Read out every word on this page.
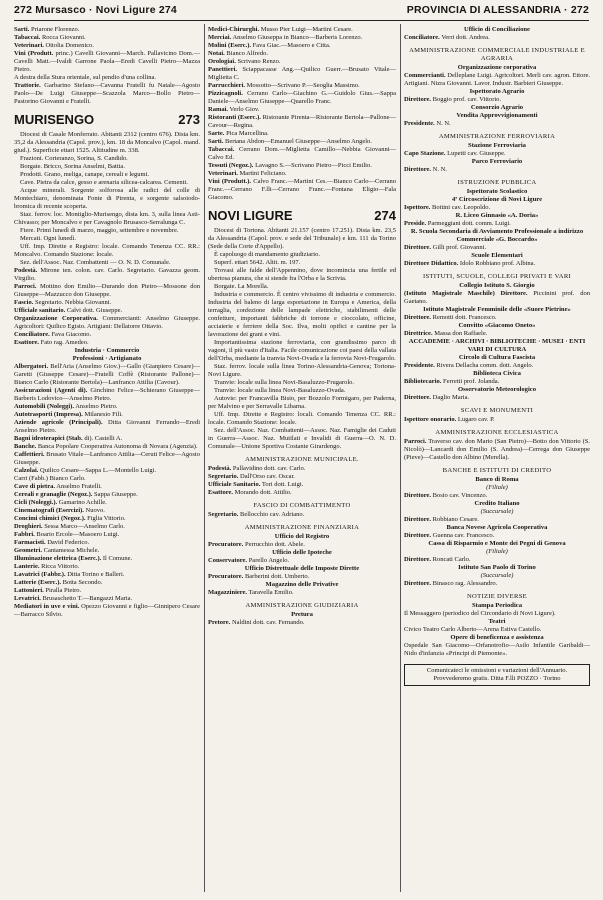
272 Mursasco · Novi Ligure 274	PROVINCIA DI ALESSANDRIA · 272

Sarti. Priarone Florenzo.

Tabaccai. Rocca Giovanni.

Veterinari. Ottolia Domenico.

Vini (Produtt. princ.) Cavelli Giovanni—March. Pallavicino Dom.—Cavelli Matt.—Ivaldi Garrone Paola—Eredi Cavelli Pietro—Mazza Pietro.

A destra della Stura orientale, sul pendio d'una collina.

Trattorie. Garbarino Stefano—Cavanna Fratelli fu Natale—Agosto Paolo—De Luigi Giuseppe—Scazzola Marco—Bollo Pietro—Pastorino Giovanni e Fratelli.

MURISENGO	273

Diocesi di Casale Monferrato. Abitanti 2312 (centro 676). Dista km. 35,2 da Alessandria (Capol. prov.), km. 18 da Moncalvo (Capol. mand. giud.). Superficie ettari 1525. Altitudine m. 338.

Frazioni. Corteranzo, Sorina, S. Candido.

Borgate. Bricco, Sorina Anselmi, Battia.

Prodotti. Grano, meliga, canape, cereali e legumi.

Cave. Pietra da calce, gesso e arenaria silicea-calcarea. Cementi.

Acque minerali. Sorgente solforosa alle radici del colle di Montechiaro, denominata Fonte di Pirenta, e sorgente salsoiodo-bromica di recente scoperta.

Staz. ferrov. loc. Montiglio-Murisengo, dista km. 3, sulla linea Asti-Chivasso; per Moncalvo e per Cavagnolo Brusasco-Serralunga C.

Fiere. Primi lunedì di marzo, maggio, settembre e novembre.

Mercati. Ogni lunedì.

Uff. Imp. Dirette e Registro: locale. Comando Tenenza CC. RR.: Moncalvo. Comando Stazione: locale.

Sez. dell'Assoc. Naz. Combattenti — O. N. D. Comunale.

Podestà. Mirone ten. colon. cav. Carlo. Segretario. Gavazza geom. Virgilio.

Parroci. Mottino don Emilio—Durando don Pietro—Mossone don Giuseppe—Mazzucco don Giuseppe.

Fascio. Segretario. Nebbia Giovanni.

Ufficiale sanitario. Calvi dott. Giuseppe.

Organizzazione Corporativa. Commercianti: Anselmo Giuseppe. Agricoltori: Quilico Egisto. Artigiani: Dellatorre Ottavio.

Conciliatore. Fava Giacomo.

Esattore. Fato rag. Amedeo.

Industria · Commercio
Professioni · Artigianato

Albergatori. Bell'Aria (Anselmo Giov.)—Gallo (Gianpiero Cesare)—Garetti (Giuseppe Cesare)—Fratelli Coffè (Ristorante Pallone)—Bianco Carlo (Ristorante Bertola)—Lanfranco Attilia (Cavour).

Assicurazioni (Agenti di). Ginchino Felice—Schierano Giuseppe—Barberis Lodovico—Anselmo Pietro.

Automobili (Noleggi). Anselmo Pietro.

Autotrasporti (Impresa). Milanesio Fili.

Aziende agricole (Principali). Ditta Giovanni Ferrando—Eredi Anselmo Pietro.

Bagni idroterapici (Stab. di). Castelli A.

Banche. Banca Popolare Cooperativa Autonoma di Novara (Agenzia).

Caffettieri. Brusato Vitale—Lanfranco Attilia—Ceruti Felice—Agosto Giuseppe.

Calzolai. Quilico Cesare—Sappa L.—Montello Luigi.

Carri (Fabb.) Bianco Carlo.

Cave di pietra. Anselmo Fratelli.

Cereali e granaglie (Negoz.). Sappa Giuseppe.

Cicli (Noleggi.). Gamarino Achille.

Cinematografi (Esercizi). Nuovo.

Concimi chimici (Negoz.). Figlia Vittorio.

Droghieri. Sessa Marco—Anselmo Carlo.

Fabbri. Boario Ercole—Masoero Luigi.

Farmacisti. David Federico.

Geometri. Cantamessa Michele.

Illuminazione elettrica (Eserc.). Il Comune.

Lanterie. Ricca Vittorio.

Lavatrici (Fabbr.). Ditta Torino e Balleri.

Latterie (Eserc.). Botta Secondo.

Lattonieri. Piralla Pietro.

Levatrici. Brusaschetto T.—Bangazzi Maria.

Mediatori in uve e vini. Opezzo Giovanni e figlio—Ginnipero Cesare—Barracco Silvio.

Medici-Chirurghi. Musso Pier Luigi—Martini Cesare.

Merciai. Anselmo Giuseppa in Bianco—Barberis Lorenzo.

Molini (Eserc.). Fava Giac.—Masoero e Citta.

Notai. Bianco Alfredo.

Orologiai. Scrivano Renzo.

Panettieri. Sciappacasse Ang.—Quilico Guerr.—Brusato Vitale—Miglietta C.

Parrucchieri. Mossotto—Scrivano P.—Seoglia Massimo.

Pizzicagnoli. Cerrano Carlo—Giachino G.—Guidolo Gius.—Sappa Daniele—Anselmo Giuseppe—Quarello Franc.

Ramai. Verlo Giov.

Ristoranti (Eserc.). Ristorante Pirenta—Ristorante Bertola—Pallone—Cavour—Regina.

Sarte. Pica Marcellina.

Sarti. Bertana Abdon—Emanuel Giuseppe—Anselmo Angelo.

Tabaccai. Cerrano Dom.—Miglietta Camillo—Nebbia Giovanni—Calvo Ed.

Tessuti (Negoz.). Lavagno S.—Scrivano Pietro—Picci Emilio.

Veterinari. Martini Feliciano.

Vini (Produtt.). Calvo Franc.—Martini Ces.—Bianco Carlo—Cerrano Franc.—Cerrano F.lli—Cerrano Franc.—Fontana Eligio—Fala Giacomo.

NOVI LIGURE	274

Diocesi di Tortona. Abitanti 21.157 (centro 17.251). Dista km. 23,5 da Alessandria (Capol. prov. e sede del Tribunale) e km. 111 da Torino (Sede della Corte d'Appello).

È capoluogo di mandamento giudiziario.

Superf. ettari 5642. Altit. m. 197.

Trovasi alle falde dell'Appennino, dove incomincia una fertile ed ubertosa pianura, che si stende fra l'Orba e la Scrivia.

Borgate. La Morella.

Industria e commercio. È centro vivissimo di industria e commercio. Industria del baleno di larga esportazione in Europa e America, della terraglia, confezione delle lampade elettriche, stabilimenti delle confetture, importanti fabbriche di torrone e cioccolato, officine, acciaierie e ferriere della Soc. Ilva, molti opifici e cantine per la lavorazione dei grani e vini.

Importantissima stazione ferroviaria, con grandissimo parco di vagoni, il più vasto d'Italia. Facile comunicazione coi paesi della vallata dell'Orba, mediante la tranvia Novi-Ovada e la ferrovia Novi-Frugarolo.

Staz. ferrov. locale sulla linea Torino-Alessandria-Genova; Tortona-Novi Ligure.

Tranvie: locale sulla linea Novi-Basaluzzo-Frugarolo.

Tranvie: locale sulla linea Novi-Basaluzzo-Ovada.

Autovie: per Francavilla Bisio, per Bozzolo Formigaro, per Paderna, per Malvino e per Serravalle Libarna.

Uff. Imp. Dirette e Registro: locali. Comando Tenenza CC. RR.: locale. Comando Stazione: locale.

Sez. dell'Assoc. Naz. Combattenti—Assoc. Naz. Famiglie dei Caduti in Guerra—Assoc. Naz. Mutilati e Invalidi di Guerra—O. N. D. Comunale—Unione Sportiva Costante Girardengo.

AMMINISTRAZIONE MUNICIPALE.

Podestà. Pallavidino dott. cav. Carlo.

Segretario. Dall'Orso cav. Oscar.

Ufficiale Sanitario. Tori dott. Luigi.

Esattore. Morando dott. Attilio.

FASCIO DI COMBATTIMENTO

Segretario. Bellocchio cav. Adriano.

AMMINISTRAZIONE FINANZIARIA
Ufficio del Registro

Procuratore. Perrucchio dott. Abele.

Ufficio delle Ipoteche

Conservatore. Parello Angelo.

Ufficio Distrettuale delle Imposte Dirette

Procuratore. Barberini dott. Umberto.

Magazzino delle Privative

Magazziniere. Taravella Emilio.

AMMINISTRAZIONE GIUDIZIARIA
Pretura

Pretore. Naldini dott. cav. Fernando.

Ufficio di Conciliazione

Conciliatore. Verri dott. Andrea.

AMMINISTRAZIONE COMMERCIALE INDUSTRIALE E AGRARIA
Organizzazione corporativa

Commercianti. Delleplane Luigi. Agricoltori. Merli cav. agron. Ettore. Artigiani. Nizra Giovanni. Lavor. Industr. Barbieri Giuseppe.

Ispettorato Agrario

Direttore. Boggio prof. cav. Vittorio.

Consorzio Agrario
Vendita Approvvigionamenti

Presidente. N. N.

AMMINISTRAZIONE FERROVIARIA
Stazione Ferroviaria

Capo Stazione. Lupetti cav. Giuseppe.

Parco Ferroviario

Direttore. N. N.

ISTRUZIONE PUBBLICA
Ispettorato Scolastico
4ª Circoscrizione di Novi Ligure

Ispettore. Bottini cav. Leopoldo.

R. Liceo Ginnasio «A. Doria»

Preside. Parmeggiani dott. comm. Luigi.

R. Scuola Secondaria di Avviamento Professionale a indirizzo Commerciale «G. Boccardo»

Direttore. Gilli prof. Giovanni.

Scuole Elementari

Direttore Didattico. Idolo Robbiano prof. Albina.

ISTITUTI, SCUOLE, COLLEGI PRIVATI E VARI
Collegio Istituto S. Giorgio

(Istituto Magistrale Maschile) Direttore. Piccinini prof. don Gaetano.

Istituto Magistrale Femminile delle «Suore Pietrine»

Direttore. Remotti dott. Francesco.

Convitto «Giacomo Oneto»

Direttrice. Massa don Raffaele.

ACCADEMIE · ARCHIVI · BIBLIOTECHE · MUSEI · ENTI VARI DI CULTURA
Circolo di Cultura Fascista

Presidente. Rivera Dellacha comm. dott. Angelo.

Biblioteca Civica

Bibliotecario. Ferretti prof. Jolanda.

Osservatorio Meteorologico

Direttore. Daglio Maria.

SCAVI E MONUMENTI

Ispettore onorario. Lugaro cav. P.

AMMINISTRAZIONE ECCLESIASTICA

Parroci. Traverso cav. don Mario (San Pietro)—Botto don Vittorio (S. Nicolò)—Lancardi don Emilio (S. Andrea)—Cerrega don Giuseppe (Pieve)—Castello don Albino (Merella).

BANCHE E ISTITUTI DI CREDITO
Banco di Roma
(Filiale)

Direttore. Bosio cav. Vincenzo.

Credito Italiano
(Succursale)

Direttore. Robbiano Cesare.

Banca Novese Agricola Cooperativa

Direttore. Guenna cav. Francesco.

Cassa di Risparmio e Monte dei Pegni di Genova
(Filiale)

Direttore. Roncati Carlo.

Istituto San Paolo di Torino
(Succursale)

Direttore. Binasco rag. Alessandro.

NOTIZIE DIVERSE
Stampa Periodica

Il Messaggero (periodico del Circondario di Novi Ligure).

Teatri

Civico Teatro Carlo Alberto—Arena Estiva Castello.

Opere di beneficenza e assistenza

Ospedale San Giacomo—Orfanotrofio—Asilo Infantile Garibaldi—Nido d'infanzia «Principi di Piemonte».

Comunicateci le omissioni e variazioni dell'Annuario. Provvederemo gratis. Ditta F.lli POZZO · Torino
